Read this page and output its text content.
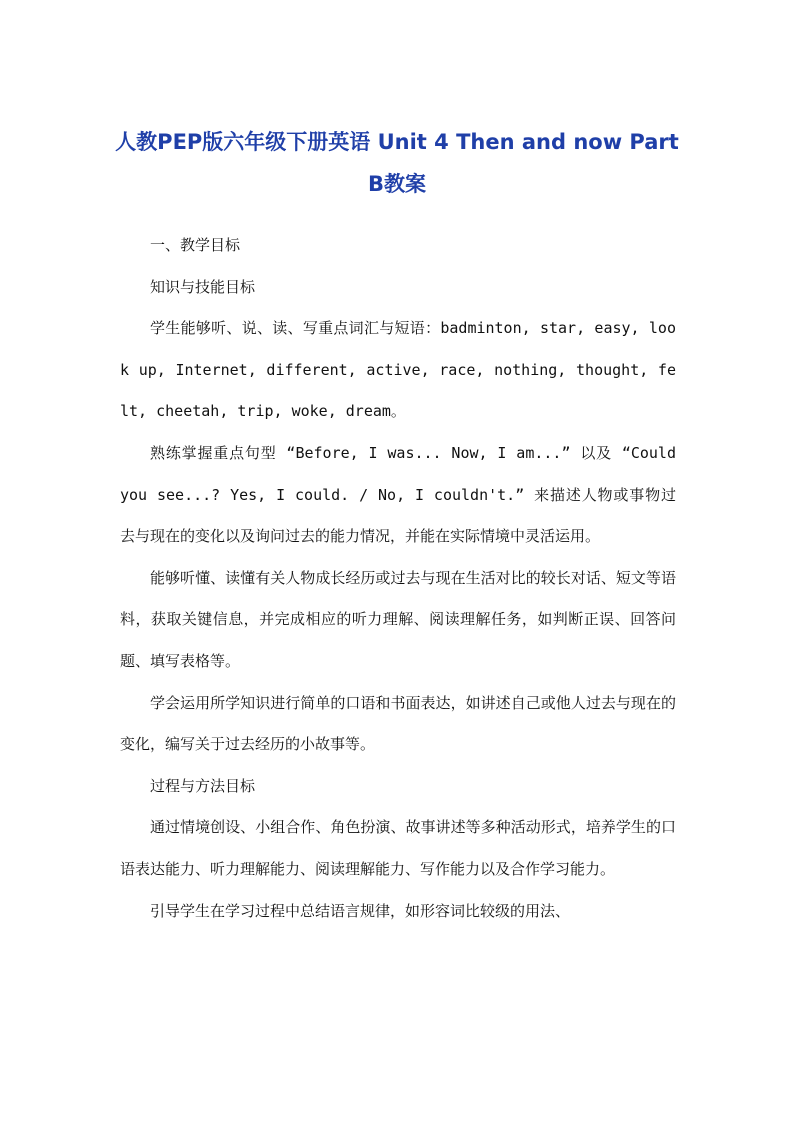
人教PEP版六年级下册英语 Unit 4 Then and now Part
B教案

一、教学目标

知识与技能目标

学生能够听、说、读、写重点词汇与短语：badminton, star, easy, look up, Internet, different, active, race, nothing, thought, felt, cheetah, trip, woke, dream。

熟练掌握重点句型 “Before, I was... Now, I am...” 以及 “Could you see...? Yes, I could. / No, I couldn't.” 来描述人物或事物过去与现在的变化以及询问过去的能力情况，并能在实际情境中灵活运用。

能够听懂、读懂有关人物成长经历或过去与现在生活对比的较长对话、短文等语料，获取关键信息，并完成相应的听力理解、阅读理解任务，如判断正误、回答问题、填写表格等。

学会运用所学知识进行简单的口语和书面表达，如讲述自己或他人过去与现在的变化，编写关于过去经历的小故事等。

过程与方法目标

通过情境创设、小组合作、角色扮演、故事讲述等多种活动形式，培养学生的口语表达能力、听力理解能力、阅读理解能力、写作能力以及合作学习能力。

引导学生在学习过程中总结语言规律，如形容词比较级的用法、
